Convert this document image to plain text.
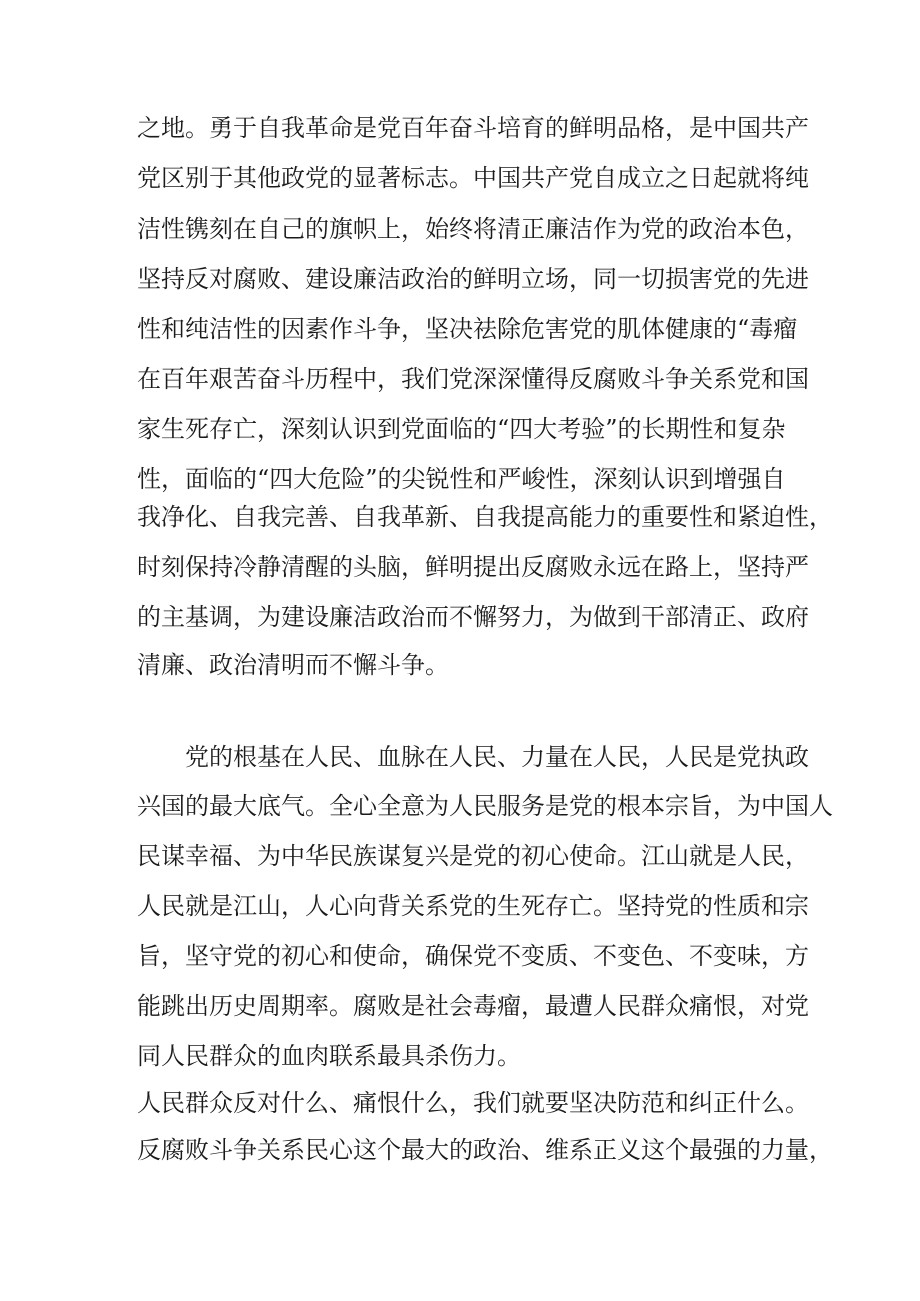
之地。勇于自我革命是党百年奋斗培育的鲜明品格，是中国共产
党区别于其他政党的显著标志。中国共产党自成立之日起就将纯
洁性镌刻在自己的旗帜上，始终将清正廉洁作为党的政治本色，
坚持反对腐败、建设廉洁政治的鲜明立场，同一切损害党的先进
性和纯洁性的因素作斗争，坚决祛除危害党的肌体健康的“毒瘤
在百年艰苦奋斗历程中，我们党深深懂得反腐败斗争关系党和国
家生死存亡，深刻认识到党面临的“四大考验”的长期性和复杂
性，面临的“四大危险”的尖锐性和严峻性，深刻认识到增强自
我净化、自我完善、自我革新、自我提高能力的重要性和紧迫性，
时刻保持冷静清醒的头脑，鲜明提出反腐败永远在路上，坚持严
的主基调，为建设廉洁政治而不懈努力，为做到干部清正、政府
清廉、政治清明而不懈斗争。
党的根基在人民、血脉在人民、力量在人民，人民是党执政
兴国的最大底气。全心全意为人民服务是党的根本宗旨，为中国人
民谋幸福、为中华民族谋复兴是党的初心使命。江山就是人民，
人民就是江山，人心向背关系党的生死存亡。坚持党的性质和宗
旨，坚守党的初心和使命，确保党不变质、不变色、不变味，方
能跳出历史周期率。腐败是社会毒瘤，最遭人民群众痛恨，对党
同人民群众的血肉联系最具杀伤力。
人民群众反对什么、痛恨什么，我们就要坚决防范和纠正什么。
反腐败斗争关系民心这个最大的政治、维系正义这个最强的力量，
